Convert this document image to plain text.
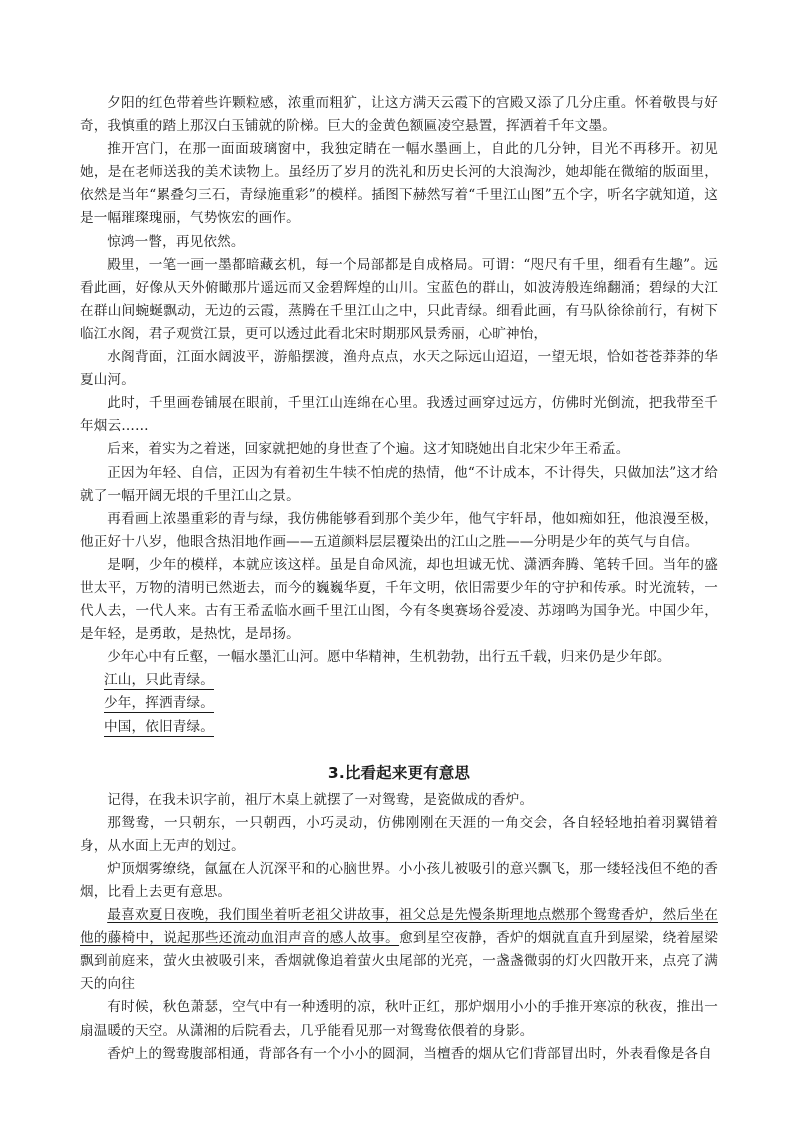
夕阳的红色带着些许颗粒感，浓重而粗犷，让这方满天云霞下的宫殿又添了几分庄重。怀着敬畏与好奇，我慎重的踏上那汉白玉铺就的阶梯。巨大的金黄色额匾凌空悬置，挥洒着千年文墨。

推开宫门，在那一面面玻璃窗中，我独定睛在一幅水墨画上，自此的几分钟，目光不再移开。初见她，是在老师送我的美术读物上。虽经历了岁月的洗礼和历史长河的大浪淘沙，她却能在微缩的版面里，依然是当年“累叠匀三石，青绿施重彩”的模样。插图下赫然写着“千里江山图”五个字，听名字就知道，这是一幅璀璨瑰丽，气势恢宏的画作。

惊鸿一瞥，再见依然。

殿里，一笔一画一墨都暗藏玄机，每一个局部都是自成格局。可谓：“咫尺有千里，细看有生趣”。远看此画，好像从天外俯瞰那片遥远而又金碧辉煌的山川。宝蓝色的群山，如波涛般连绵翻涌；碧绿的大江在群山间蜿蜒飘动，无边的云霞，蒸腾在千里江山之中，只此青绿。细看此画，有马队徐徐前行，有树下临江水阁，君子观赏江景，更可以透过此看北宋时期那风景秀丽，心旷神怡，

水阁背面，江面水阔波平，游船摆渡，渔舟点点，水天之际远山迢迢，一望无垠，恰如苍苍莽莽的华夏山河。

此时，千里画卷铺展在眼前，千里江山连绵在心里。我透过画穿过远方，仿佛时光倒流，把我带至千年烟云……

后来，着实为之着迷，回家就把她的身世查了个遍。这才知晓她出自北宋少年王希孟。

正因为年轻、自信，正因为有着初生牛犊不怕虎的热情，他“不计成本，不计得失，只做加法”这才给就了一幅开阔无垠的千里江山之景。

再看画上浓墨重彩的青与绿，我仿佛能够看到那个美少年，他气宇轩昂，他如痴如狂，他浪漫至极，他正好十八岁，他眼含热泪地作画——五道颜料层层覆染出的江山之胜——分明是少年的英气与自信。

是啊，少年的模样，本就应该这样。虽是自命风流，却也坦诚无忧、潇洒奔腾、笔转千回。当年的盛世太平，万物的清明已然逝去，而今的巍巍华夏，千年文明，依旧需要少年的守护和传承。时光流转，一代人去，一代人来。古有王希孟临水画千里江山图，今有冬奥赛场谷爱凌、苏翊鸣为国争光。中国少年，是年轻，是勇敢，是热忱，是昂扬。

少年心中有丘壑，一幅水墨汇山河。愿中华精神，生机勃勃，出行五千载，归来仍是少年郎。

江山，只此青绿。

少年，挥洒青绿。

中国，依旧青绿。

3.比看起来更有意思

记得，在我未识字前，祖厅木桌上就摆了一对鸳鸯，是瓷做成的香炉。

那鸳鸯，一只朝东，一只朝西，小巧灵动，仿佛刚刚在天涯的一角交会，各自轻轻地拍着羽翼错着身，从水面上无声的划过。

炉顶烟雾缭绕，氤氲在人沉深平和的心脑世界。小小孩儿被吸引的意兴飘飞，那一缕轻浅但不绝的香烟，比看上去更有意思。

最喜欢夏日夜晚，我们围坐着听老祖父讲故事，祖父总是先慢条斯理地点燃那个鸳鸯香炉，然后坐在他的藤椅中，说起那些还流动血泪声音的感人故事。愈到星空夜静，香炉的烟就直直升到屋梁，绕着屋梁飘到前庭来，萤火虫被吸引来，香烟就像追着萤火虫尾部的光亮，一盏盏微弱的灯火四散开来，点亮了满天的向往

有时候，秋色萧瑟，空气中有一种透明的凉，秋叶正红，那炉烟用小小的手推开寒凉的秋夜，推出一扇温暖的天空。从潇湘的后院看去，几乎能看见那一对鸳鸯依偎着的身影。

香炉上的鸳鸯腹部相通，背部各有一个小小的圆洞，当檀香的烟从它们背部冒出时，外表看像是各自
